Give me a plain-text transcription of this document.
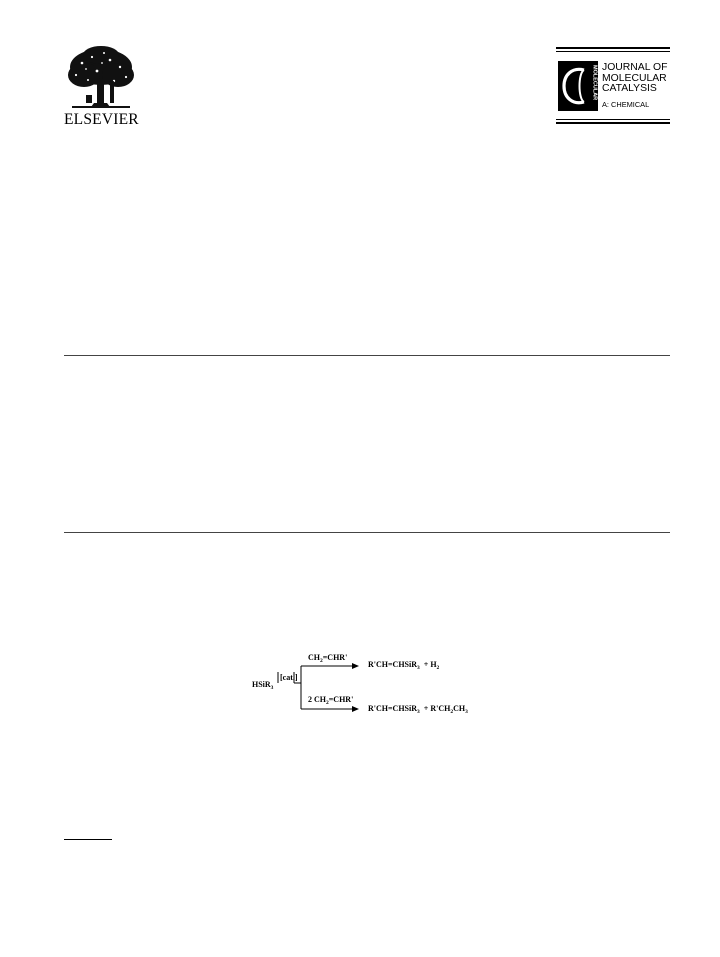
ELSEVIER
MOLECULAR JOURNAL OF
MOLECULAR
CATALYSIS
A: CHEMICAL
HSiR$_3$
[cat.]
$CH_2=CHR'$
R'CH=CHSiR$_3$ + $H_2$
2 $CH_2=CHR'$
R'CH=CHSiR$_3$ + $R'CH_2CH_3$
